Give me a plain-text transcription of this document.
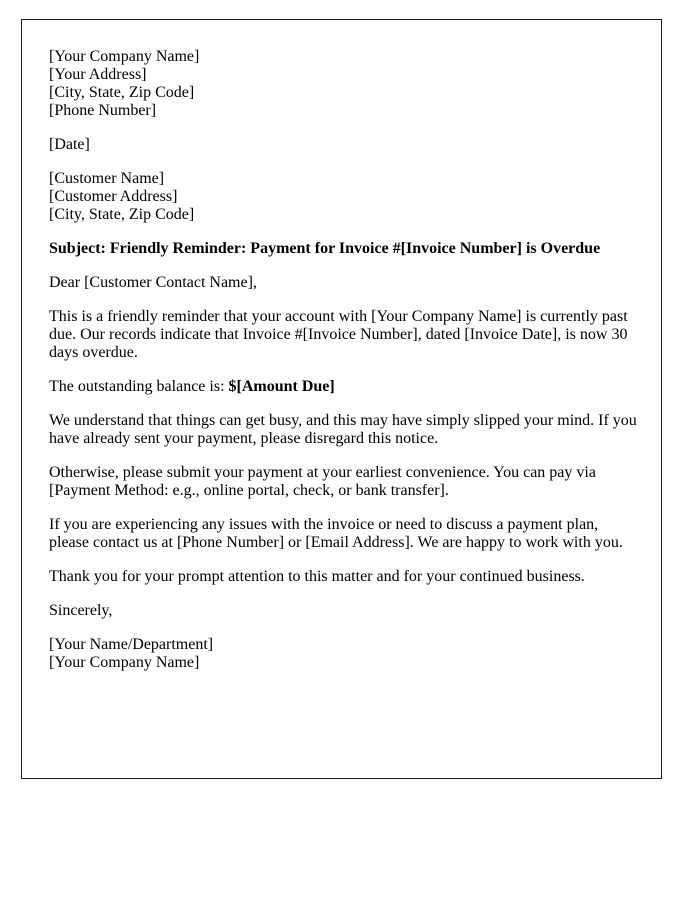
[Your Company Name]
[Your Address]
[City, State, Zip Code]
[Phone Number]
[Date]
[Customer Name]
[Customer Address]
[City, State, Zip Code]
Subject: Friendly Reminder: Payment for Invoice #[Invoice Number] is Overdue
Dear [Customer Contact Name],
This is a friendly reminder that your account with [Your Company Name] is currently past due. Our records indicate that Invoice #[Invoice Number], dated [Invoice Date], is now 30 days overdue.
The outstanding balance is: $[Amount Due]
We understand that things can get busy, and this may have simply slipped your mind. If you have already sent your payment, please disregard this notice.
Otherwise, please submit your payment at your earliest convenience. You can pay via [Payment Method: e.g., online portal, check, or bank transfer].
If you are experiencing any issues with the invoice or need to discuss a payment plan, please contact us at [Phone Number] or [Email Address]. We are happy to work with you.
Thank you for your prompt attention to this matter and for your continued business.
Sincerely,
[Your Name/Department]
[Your Company Name]
